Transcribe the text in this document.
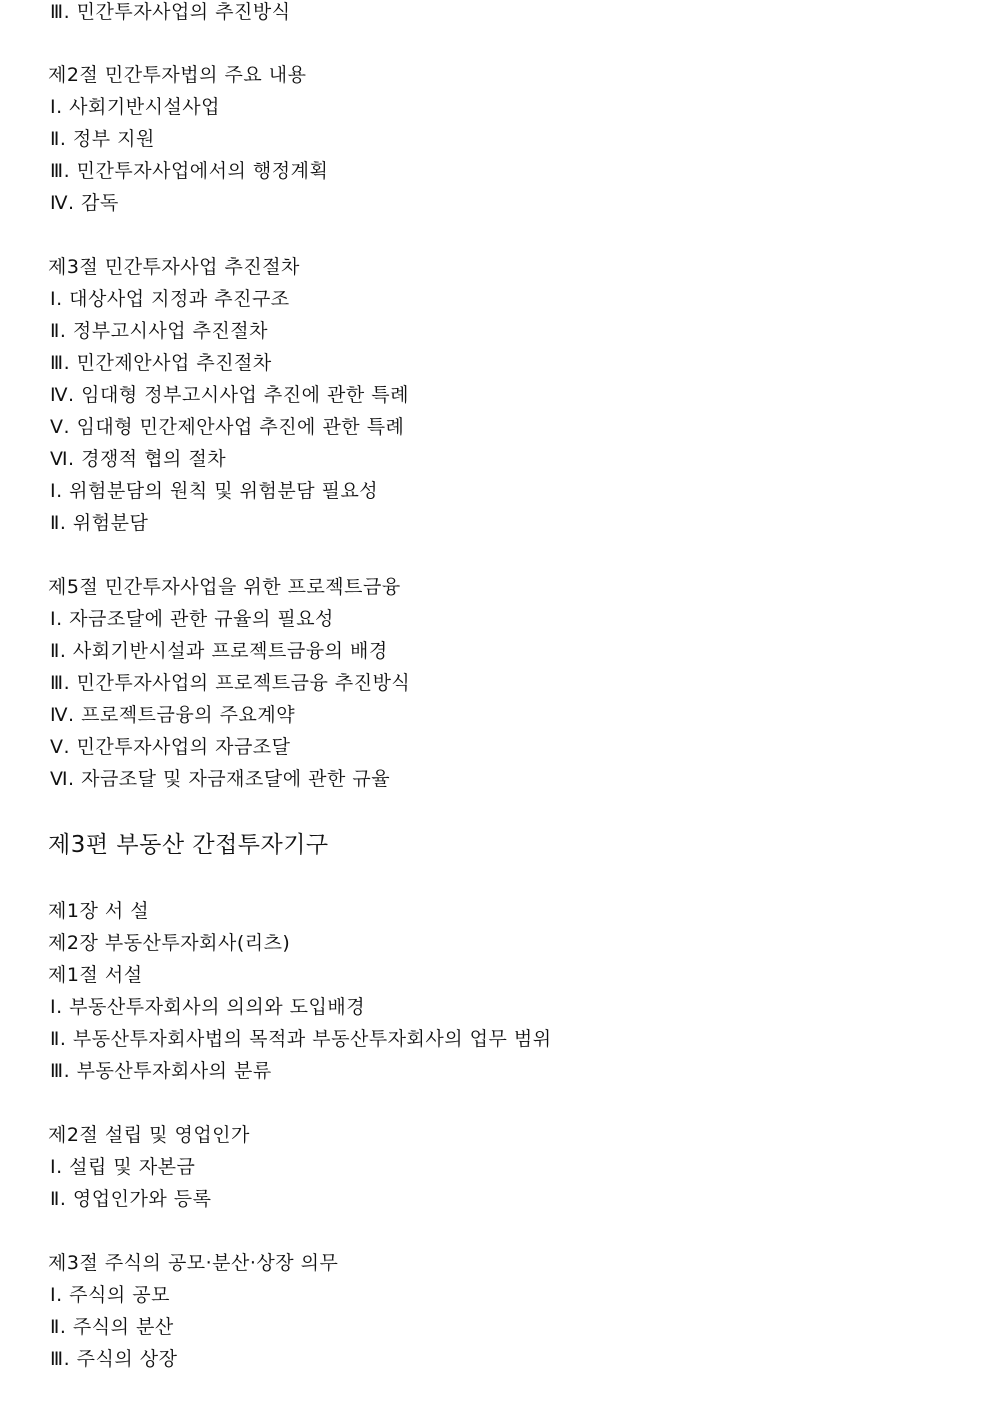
Ⅲ. 민간투자사업의 추진방식
제2절 민간투자법의 주요 내용
Ⅰ. 사회기반시설사업
Ⅱ. 정부 지원
Ⅲ. 민간투자사업에서의 행정계획
Ⅳ. 감독
제3절 민간투자사업 추진절차
Ⅰ. 대상사업 지정과 추진구조
Ⅱ. 정부고시사업 추진절차
Ⅲ. 민간제안사업 추진절차
Ⅳ. 임대형 정부고시사업 추진에 관한 특례
Ⅴ. 임대형 민간제안사업 추진에 관한 특례
Ⅵ. 경쟁적 협의 절차
Ⅰ. 위험분담의 원칙 및 위험분담 필요성
Ⅱ. 위험분담
제5절 민간투자사업을 위한 프로젝트금융
Ⅰ. 자금조달에 관한 규율의 필요성
Ⅱ. 사회기반시설과 프로젝트금융의 배경
Ⅲ. 민간투자사업의 프로젝트금융 추진방식
Ⅳ. 프로젝트금융의 주요계약
Ⅴ. 민간투자사업의 자금조달
Ⅵ. 자금조달 및 자금재조달에 관한 규율
제3편 부동산 간접투자기구
제1장 서 설
제2장 부동산투자회사(리츠)
제1절 서설
Ⅰ. 부동산투자회사의 의의와 도입배경
Ⅱ. 부동산투자회사법의 목적과 부동산투자회사의 업무 범위
Ⅲ. 부동산투자회사의 분류
제2절 설립 및 영업인가
Ⅰ. 설립 및 자본금
Ⅱ. 영업인가와 등록
제3절 주식의 공모·분산·상장 의무
Ⅰ. 주식의 공모
Ⅱ. 주식의 분산
Ⅲ. 주식의 상장
